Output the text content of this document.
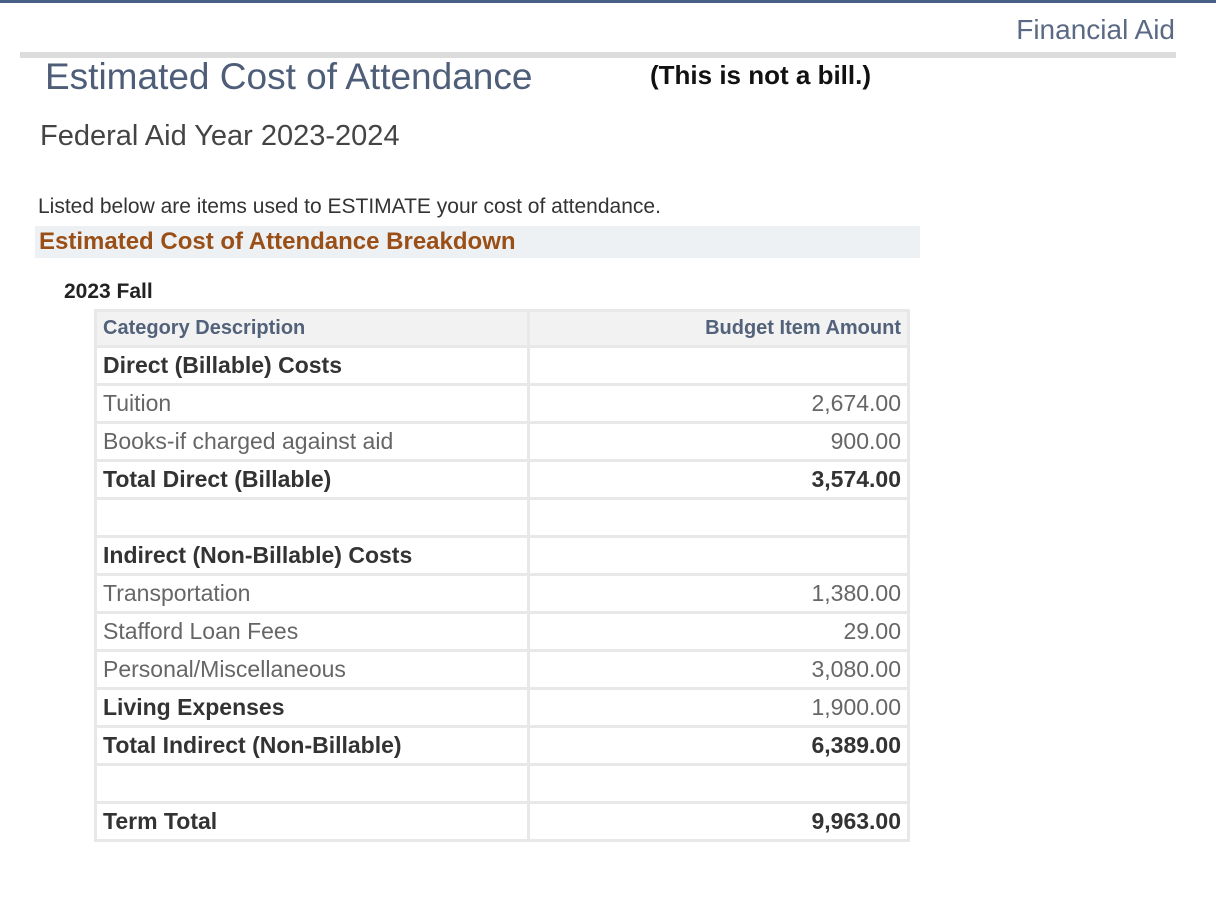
Financial Aid
Estimated Cost of Attendance	(This is not a bill.)
Federal Aid Year 2023-2024
Listed below are items used to ESTIMATE your cost of attendance.
Estimated Cost of Attendance Breakdown
2023 Fall
Category Description	Budget Item Amount
Direct (Billable) Costs	
Tuition	2,674.00
Books-if charged against aid	900.00
Total Direct (Billable)	3,574.00

Indirect (Non-Billable) Costs	
Transportation	1,380.00
Stafford Loan Fees	29.00
Personal/Miscellaneous	3,080.00
Living Expenses	1,900.00
Total Indirect (Non-Billable)	6,389.00

Term Total	9,963.00
